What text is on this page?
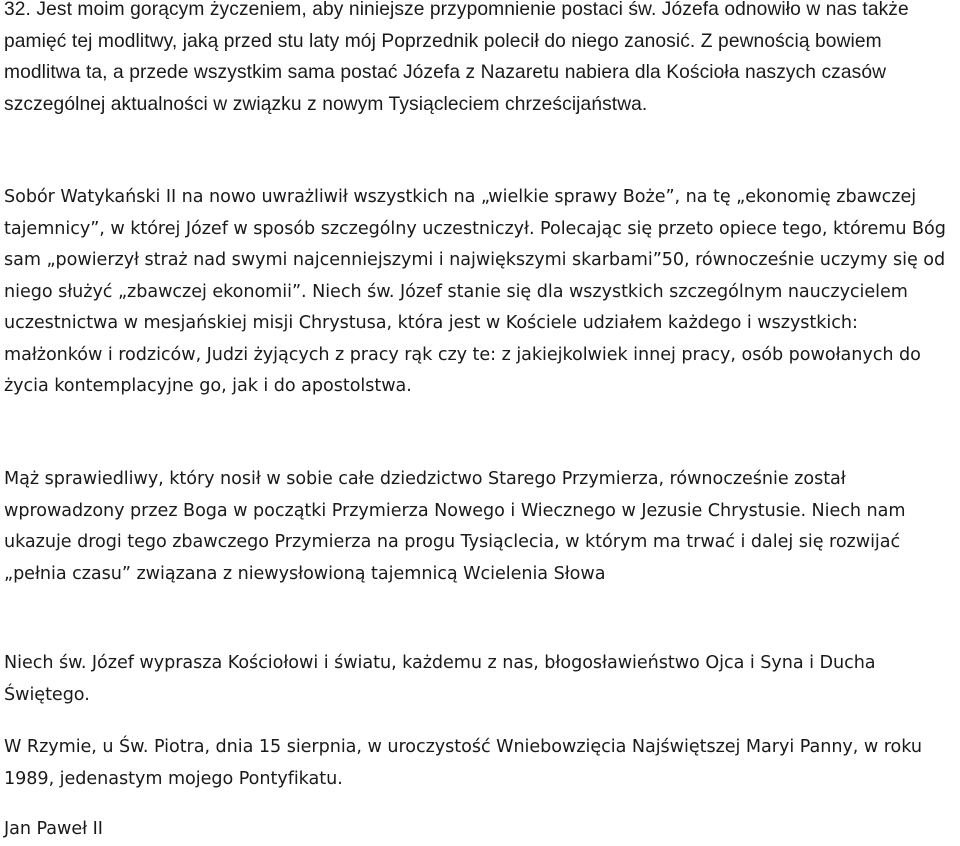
32. Jest moim gorącym życzeniem, aby niniejsze przypomnienie postaci św. Józefa odnowiło w nas także pamięć tej modlitwy, jaką przed stu laty mój Poprzednik polecił do niego zanosić. Z pewnością bowiem modlitwa ta, a przede wszystkim sama postać Józefa z Nazaretu nabiera dla Kościoła naszych czasów szczególnej aktualności w związku z nowym Tysiącleciem chrześcijaństwa.

Sobór Watykański II na nowo uwrażliwił wszystkich na „wielkie sprawy Boże”, na tę „ekonomię zbawczej tajemnicy”, w której Józef w sposób szczególny uczestniczył. Polecając się przeto opiece tego, któremu Bóg sam „powierzył straż nad swymi najcenniejszymi i największymi skarbami”50, równocześnie uczymy się od niego służyć „zbawczej ekonomii”. Niech św. Józef stanie się dla wszystkich szczególnym nauczycielem uczestnictwa w mesjańskiej misji Chrystusa, która jest w Kościele udziałem każdego i wszystkich: małżonków i rodziców, Judzi żyjących z pracy rąk czy te: z jakiejkolwiek innej pracy, osób powołanych do życia kontemplacyjne go, jak i do apostolstwa.

Mąż sprawiedliwy, który nosił w sobie całe dziedzictwo Starego Przymierza, równocześnie został wprowadzony przez Boga w początki Przymierza Nowego i Wiecznego w Jezusie Chrystusie. Niech nam ukazuje drogi tego zbawczego Przymierza na progu Tysiąclecia, w którym ma trwać i dalej się rozwijać „pełnia czasu” związana z niewysłowioną tajemnicą Wcielenia Słowa

Niech św. Józef wyprasza Kościołowi i światu, każdemu z nas, błogosławieństwo Ojca i Syna i Ducha Świętego.

W Rzymie, u Św. Piotra, dnia 15 sierpnia, w uroczystość Wniebowzięcia Najświętszej Maryi Panny, w roku 1989, jedenastym mojego Pontyfikatu.

Jan Paweł II
